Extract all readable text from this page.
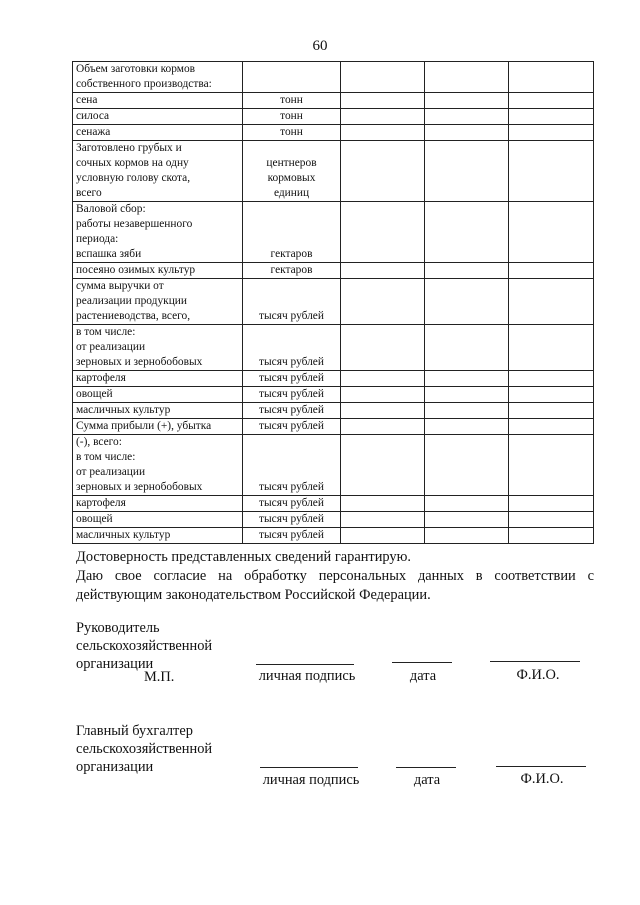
60
Объем заготовки кормов
собственного производства:				

сена	тонн			
силоса	тонн			
сенажа	тонн			

Заготовлено грубых и
сочных кормов на одну
условную голову скота,
всего	центнеров
кормовых
единиц			

Валовой сбор:
работы незавершенного
периода:
вспашка зяби	гектаров			
посеяно озимых культур	гектаров			

сумма выручки от
реализации продукции
растениеводства, всего,	тысяч рублей			

в том числе:
от реализации
зерновых и зернобобовых	тысяч рублей			
картофеля	тысяч рублей			
овощей	тысяч рублей			
масличных культур	тысяч рублей			
Сумма прибыли (+), убытка	тысяч рублей			

(-), всего:
в том числе:
от реализации
зерновых и зернобобовых	тысяч рублей			
картофеля	тысяч рублей			
овощей	тысяч рублей			
масличных культур	тысяч рублей			
Достоверность представленных сведений гарантирую.
Даю свое согласие на обработку персональных данных в соответствии с
действующим законодательством Российской Федерации.
Руководитель
сельскохозяйственной
организации
М.П.	личная подпись	дата	Ф.И.О.
Главный бухгалтер
сельскохозяйственной
организации
личная подпись	дата	Ф.И.О.
